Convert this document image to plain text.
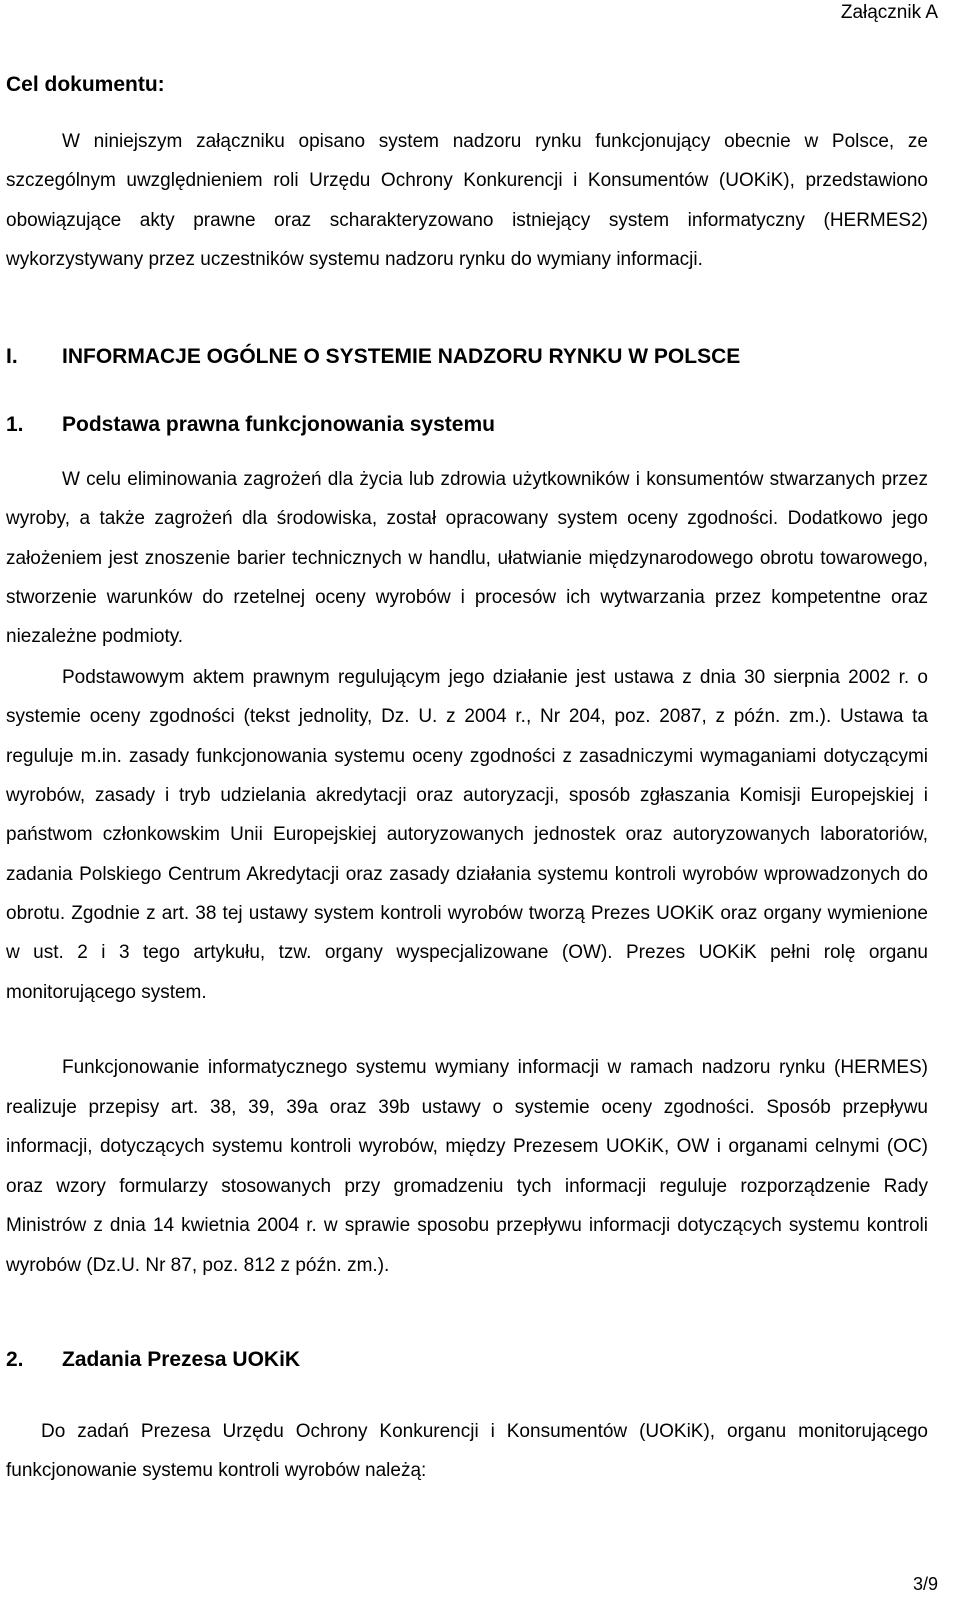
Załącznik A
Cel dokumentu:

W niniejszym załączniku opisano system nadzoru rynku funkcjonujący obecnie w Polsce, ze szczególnym uwzględnieniem roli Urzędu Ochrony Konkurencji i Konsumentów (UOKiK), przedstawiono obowiązujące akty prawne oraz scharakteryzowano istniejący system informatyczny (HERMES2) wykorzystywany przez uczestników systemu nadzoru rynku do wymiany informacji.

I.	INFORMACJE OGÓLNE O SYSTEMIE NADZORU RYNKU W POLSCE
1.	Podstawa prawna funkcjonowania systemu

W celu eliminowania zagrożeń dla życia lub zdrowia użytkowników i konsumentów stwarzanych przez wyroby, a także zagrożeń dla środowiska, został opracowany system oceny zgodności. Dodatkowo jego założeniem jest znoszenie barier technicznych w handlu, ułatwianie międzynarodowego obrotu towarowego, stworzenie warunków do rzetelnej oceny wyrobów i procesów ich wytwarzania przez kompetentne oraz niezależne podmioty.

Podstawowym aktem prawnym regulującym jego działanie jest ustawa z dnia 30 sierpnia 2002 r. o systemie oceny zgodności (tekst jednolity, Dz. U. z 2004 r., Nr 204, poz. 2087, z późn. zm.). Ustawa ta reguluje m.in. zasady funkcjonowania systemu oceny zgodności z zasadniczymi wymaganiami dotyczącymi wyrobów, zasady i tryb udzielania akredytacji oraz autoryzacji, sposób zgłaszania Komisji Europejskiej i państwom członkowskim Unii Europejskiej autoryzowanych jednostek oraz autoryzowanych laboratoriów, zadania Polskiego Centrum Akredytacji oraz zasady działania systemu kontroli wyrobów wprowadzonych do obrotu. Zgodnie z art. 38 tej ustawy system kontroli wyrobów tworzą Prezes UOKiK oraz organy wymienione w ust. 2 i 3 tego artykułu, tzw. organy wyspecjalizowane (OW). Prezes UOKiK pełni rolę organu monitorującego system.

Funkcjonowanie informatycznego systemu wymiany informacji w ramach nadzoru rynku (HERMES) realizuje przepisy art. 38, 39, 39a oraz 39b ustawy o systemie oceny zgodności. Sposób przepływu informacji, dotyczących systemu kontroli wyrobów, między Prezesem UOKiK, OW i organami celnymi (OC) oraz wzory formularzy stosowanych przy gromadzeniu tych informacji reguluje rozporządzenie Rady Ministrów z dnia 14 kwietnia 2004 r. w sprawie sposobu przepływu informacji dotyczących systemu kontroli wyrobów (Dz.U. Nr 87, poz. 812 z późn. zm.).

2.	Zadania Prezesa UOKiK

Do zadań Prezesa Urzędu Ochrony Konkurencji i Konsumentów (UOKiK), organu monitorującego funkcjonowanie systemu kontroli wyrobów należą:

3/9
